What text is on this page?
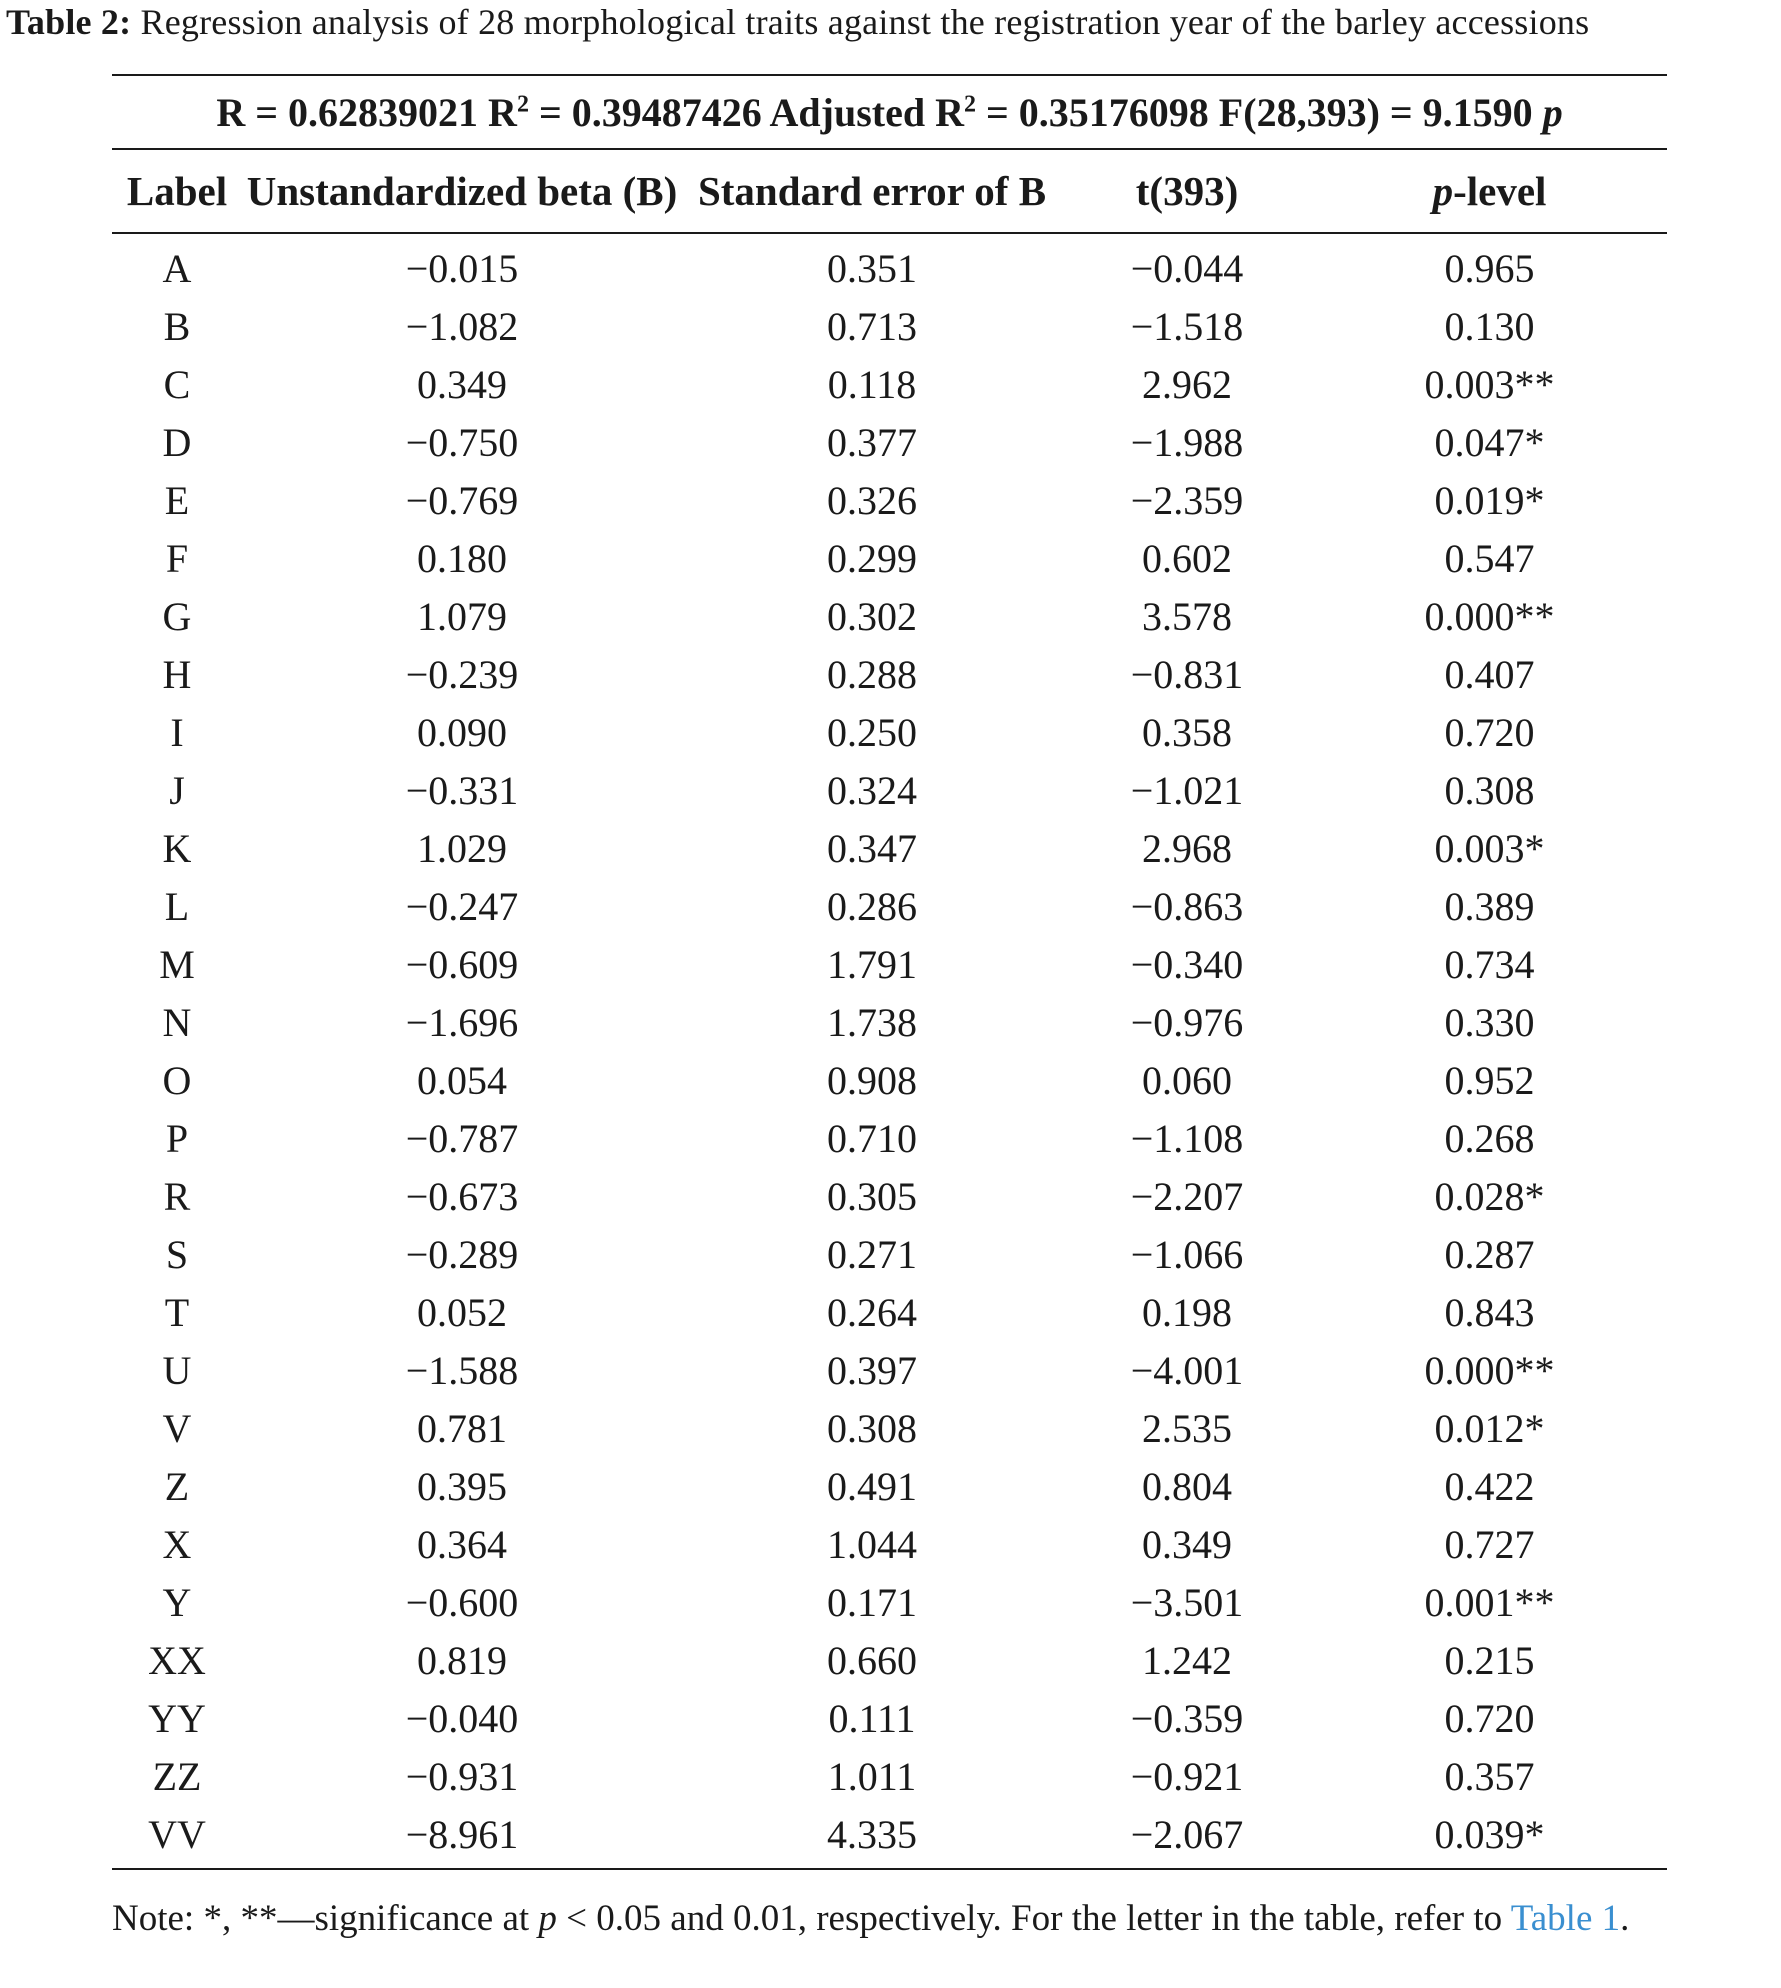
Table 2: Regression analysis of 28 morphological traits against the registration year of the barley accessions
R = 0.62839021 $R^2 = 0.39487426$ Adjusted $R^2 = 0.35176098$ F(28,393) = 9.1590 p				
Label	Unstandardized beta (B)	Standard error of B	t(393)	p-level
A	−0.015	0.351	−0.044	0.965
B	−1.082	0.713	−1.518	0.130
C	0.349	0.118	2.962	0.003**
D	−0.750	0.377	−1.988	0.047*
E	−0.769	0.326	−2.359	0.019*
F	0.180	0.299	0.602	0.547
G	1.079	0.302	3.578	0.000**
H	−0.239	0.288	−0.831	0.407
I	0.090	0.250	0.358	0.720
J	−0.331	0.324	−1.021	0.308
K	1.029	0.347	2.968	0.003*
L	−0.247	0.286	−0.863	0.389
M	−0.609	1.791	−0.340	0.734
N	−1.696	1.738	−0.976	0.330
O	0.054	0.908	0.060	0.952
P	−0.787	0.710	−1.108	0.268
R	−0.673	0.305	−2.207	0.028*
S	−0.289	0.271	−1.066	0.287
T	0.052	0.264	0.198	0.843
U	−1.588	0.397	−4.001	0.000**
V	0.781	0.308	2.535	0.012*
Z	0.395	0.491	0.804	0.422
X	0.364	1.044	0.349	0.727
Y	−0.600	0.171	−3.501	0.001**
XX	0.819	0.660	1.242	0.215
YY	−0.040	0.111	−0.359	0.720
ZZ	−0.931	1.011	−0.921	0.357
VV	−8.961	4.335	−2.067	0.039*
Note: *, **—significance at p < 0.05 and 0.01, respectively. For the letter in the table, refer to Table 1.
